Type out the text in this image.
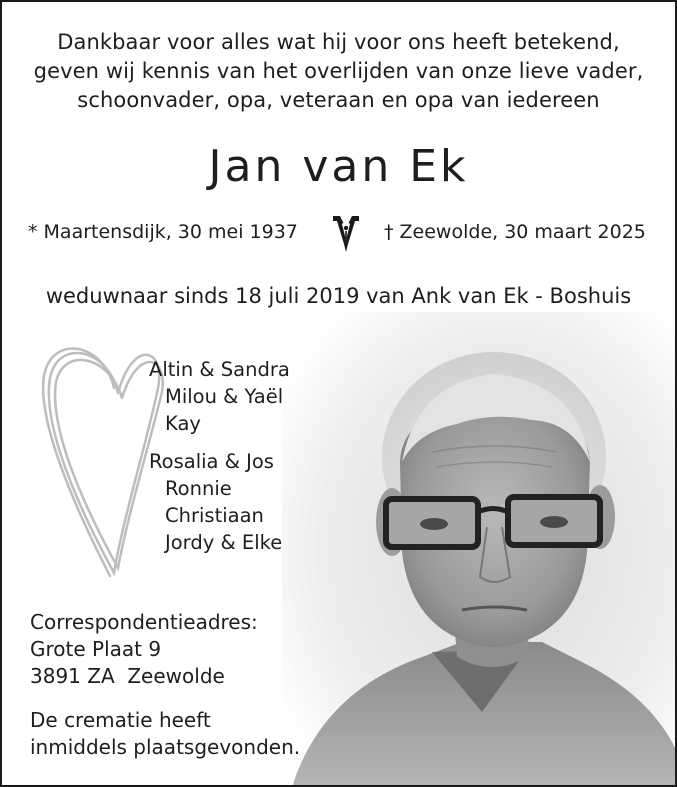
Dankbaar voor alles wat hij voor ons heeft betekend,
geven wij kennis van het overlijden van onze lieve vader,
schoonvader, opa, veteraan en opa van iedereen
Jan van Ek
* Maartensdijk, 30 mei 1937	† Zeewolde, 30 maart 2025
weduwnaar sinds 18 juli 2019 van Ank van Ek - Boshuis
Altin & Sandra
Milou & Yaël
Kay
Rosalia & Jos
Ronnie
Christiaan
Jordy & Elke
Correspondentieadres:
Grote Plaat 9
3891 ZA  Zeewolde
De crematie heeft
inmiddels plaatsgevonden.
